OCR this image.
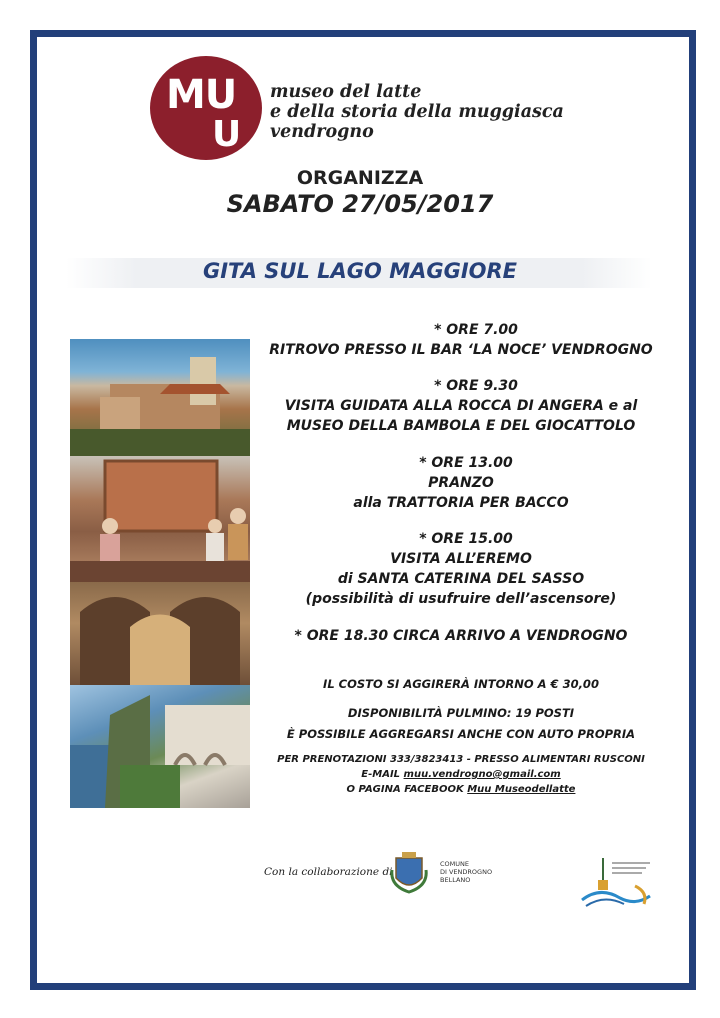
MU
U
museo del latte
e della storia della muggiasca
vendrogno
ORGANIZZA
SABATO 27/05/2017
GITA SUL LAGO MAGGIORE
* ORE 7.00
RITROVO PRESSO IL BAR ‘LA NOCE’ VENDROGNO
* ORE 9.30
VISITA GUIDATA ALLA ROCCA DI ANGERA e al
MUSEO DELLA BAMBOLA E DEL GIOCATTOLO
* ORE 13.00
PRANZO
alla TRATTORIA PER BACCO
* ORE 15.00
VISITA ALL’EREMO
di SANTA CATERINA DEL SASSO
(possibilità di usufruire dell’ascensore)
* ORE 18.30 CIRCA ARRIVO A VENDROGNO
IL COSTO SI AGGIRERÀ INTORNO A € 30,00
DISPONIBILITÀ PULMINO: 19 POSTI
È POSSIBILE AGGREGARSI ANCHE CON AUTO PROPRIA
PER PRENOTAZIONI 333/3823413 - PRESSO ALIMENTARI RUSCONI
E-MAIL muu.vendrogno@gmail.com
O PAGINA FACEBOOK Muu Museodellatte
Con la collaborazione di
COMUNE
DI VENDROGNO
BELLANO
